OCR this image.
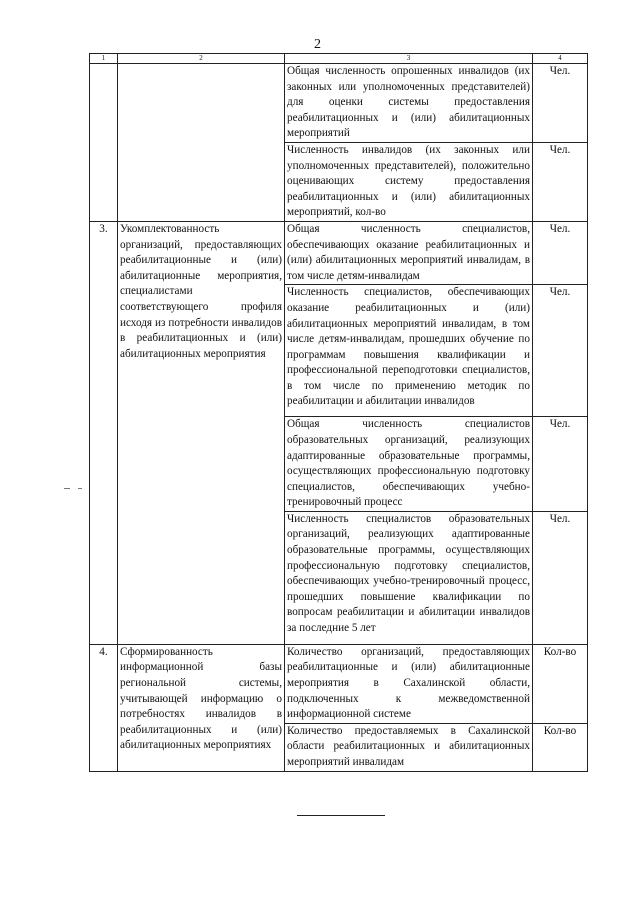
2
1	2	3	4
		Общая численность опрошенных инвалидов (их законных или уполномоченных представителей) для оценки системы предоставления реабилитационных и (или) абилитационных мероприятий	Чел.
		Численность инвалидов (их законных или уполномоченных представителей), положительно оценивающих систему предоставления реабилитационных и (или) абилитационных мероприятий, кол-во	Чел.
3.	Укомплектованность организаций, предоставляющих реабилитационные и (или) абилитационные мероприятия, специалистами соответствующего профиля исходя из потребности инвалидов в реабилитационных и (или) абилитационных мероприятия	Общая численность специалистов, обеспечивающих оказание реабилитационных и (или) абилитационных мероприятий инвалидам, в том числе детям-инвалидам	Чел.
		Численность специалистов, обеспечивающих оказание реабилитационных и (или) абилитационных мероприятий инвалидам, в том числе детям-инвалидам, прошедших обучение по программам повышения квалификации и профессиональной переподготовки специалистов, в том числе по применению методик по реабилитации и абилитации инвалидов	Чел.
		Общая численность специалистов образовательных организаций, реализующих адаптированные образовательные программы, осуществляющих профессиональную подготовку специалистов, обеспечивающих учебно-тренировочный процесс	Чел.
		Численность специалистов образовательных организаций, реализующих адаптированные образовательные программы, осуществляющих профессиональную подготовку специалистов, обеспечивающих учебно-тренировочный процесс, прошедших повышение квалификации по вопросам реабилитации и абилитации инвалидов за последние 5 лет	Чел.
4.	Сформированность информационной базы региональной системы, учитывающей информацию о потребностях инвалидов в реабилитационных и (или) абилитационных мероприятиях	Количество организаций, предоставляющих реабилитационные и (или) абилитационные мероприятия в Сахалинской области, подключенных к межведомственной информационной системе	Кол-во
		Количество предоставляемых в Сахалинской области реабилитационных и абилитационных мероприятий инвалидам	Кол-во
